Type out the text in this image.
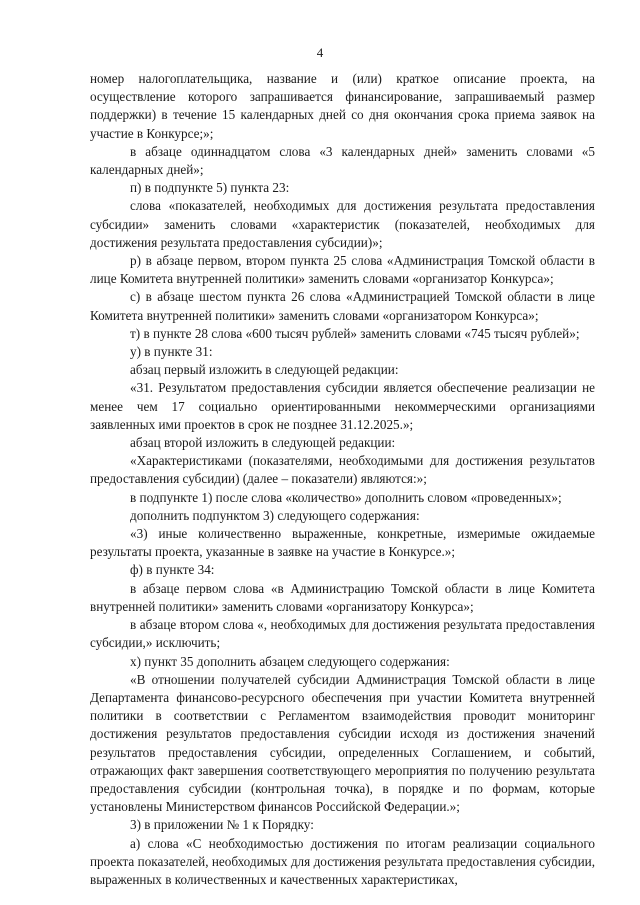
4

номер налогоплательщика, название и (или) краткое описание проекта, на осуществление которого запрашивается финансирование, запрашиваемый размер поддержки) в течение 15 календарных дней со дня окончания срока приема заявок на участие в Конкурсе;»;

в абзаце одиннадцатом слова «3 календарных дней» заменить словами «5 календарных дней»;

п) в подпункте 5) пункта 23:

слова «показателей, необходимых для достижения результата предоставления субсидии» заменить словами «характеристик (показателей, необходимых для достижения результата предоставления субсидии)»;

р) в абзаце первом, втором пункта 25 слова «Администрация Томской области в лице Комитета внутренней политики» заменить словами «организатор Конкурса»;

с) в абзаце шестом пункта 26 слова «Администрацией Томской области в лице Комитета внутренней политики» заменить словами «организатором Конкурса»;

т) в пункте 28 слова «600 тысяч рублей» заменить словами «745 тысяч рублей»;

у) в пункте 31:

абзац первый изложить в следующей редакции:

«31. Результатом предоставления субсидии является обеспечение реализации не менее чем 17 социально ориентированными некоммерческими организациями заявленных ими проектов в срок не позднее 31.12.2025.»;

абзац второй изложить в следующей редакции:

«Характеристиками (показателями, необходимыми для достижения результатов предоставления субсидии) (далее – показатели) являются:»;

в подпункте 1) после слова «количество» дополнить словом «проведенных»;

дополнить подпунктом 3) следующего содержания:

«3) иные количественно выраженные, конкретные, измеримые ожидаемые результаты проекта, указанные в заявке на участие в Конкурсе.»;

ф) в пункте 34:

в абзаце первом слова «в Администрацию Томской области в лице Комитета внутренней политики» заменить словами «организатору Конкурса»;

в абзаце втором слова «, необходимых для достижения результата предоставления субсидии,» исключить;

х) пункт 35 дополнить абзацем следующего содержания:

«В отношении получателей субсидии Администрация Томской области в лице Департамента финансово-ресурсного обеспечения при участии Комитета внутренней политики в соответствии с Регламентом взаимодействия проводит мониторинг достижения результатов предоставления субсидии исходя из достижения значений результатов предоставления субсидии, определенных Соглашением, и событий, отражающих факт завершения соответствующего мероприятия по получению результата предоставления субсидии (контрольная точка), в порядке и по формам, которые установлены Министерством финансов Российской Федерации.»;

3) в приложении № 1 к Порядку:

а) слова «С необходимостью достижения по итогам реализации социального проекта показателей, необходимых для достижения результата предоставления субсидии, выраженных в количественных и качественных характеристиках,
